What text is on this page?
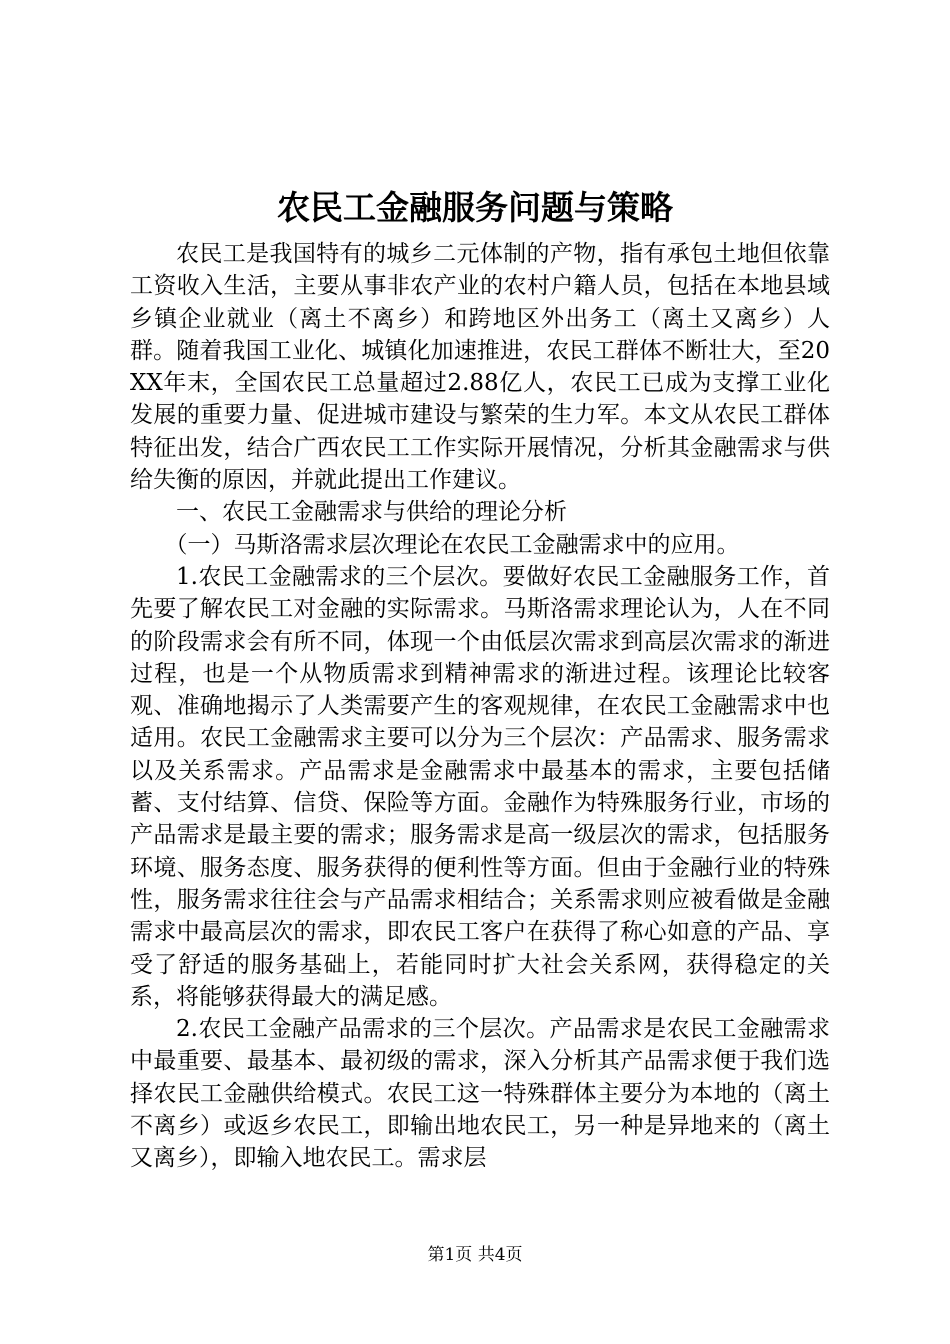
农民工金融服务问题与策略

农民工是我国特有的城乡二元体制的产物，指有承包土地但依靠工资收入生活，主要从事非农产业的农村户籍人员，包括在本地县域乡镇企业就业（离土不离乡）和跨地区外出务工（离土又离乡）人群。随着我国工业化、城镇化加速推进，农民工群体不断壮大，至20XX年末，全国农民工总量超过2.88亿人，农民工已成为支撑工业化发展的重要力量、促进城市建设与繁荣的生力军。本文从农民工群体特征出发，结合广西农民工工作实际开展情况，分析其金融需求与供给失衡的原因，并就此提出工作建议。

一、农民工金融需求与供给的理论分析

（一）马斯洛需求层次理论在农民工金融需求中的应用。

1.农民工金融需求的三个层次。要做好农民工金融服务工作，首先要了解农民工对金融的实际需求。马斯洛需求理论认为，人在不同的阶段需求会有所不同，体现一个由低层次需求到高层次需求的渐进过程，也是一个从物质需求到精神需求的渐进过程。该理论比较客观、准确地揭示了人类需要产生的客观规律，在农民工金融需求中也适用。农民工金融需求主要可以分为三个层次：产品需求、服务需求以及关系需求。产品需求是金融需求中最基本的需求，主要包括储蓄、支付结算、信贷、保险等方面。金融作为特殊服务行业，市场的产品需求是最主要的需求；服务需求是高一级层次的需求，包括服务环境、服务态度、服务获得的便利性等方面。但由于金融行业的特殊性，服务需求往往会与产品需求相结合；关系需求则应被看做是金融需求中最高层次的需求，即农民工客户在获得了称心如意的产品、享受了舒适的服务基础上，若能同时扩大社会关系网，获得稳定的关系，将能够获得最大的满足感。

2.农民工金融产品需求的三个层次。产品需求是农民工金融需求中最重要、最基本、最初级的需求，深入分析其产品需求便于我们选择农民工金融供给模式。农民工这一特殊群体主要分为本地的（离土不离乡）或返乡农民工，即输出地农民工，另一种是异地来的（离土又离乡），即输入地农民工。需求层

第1页 共4页
